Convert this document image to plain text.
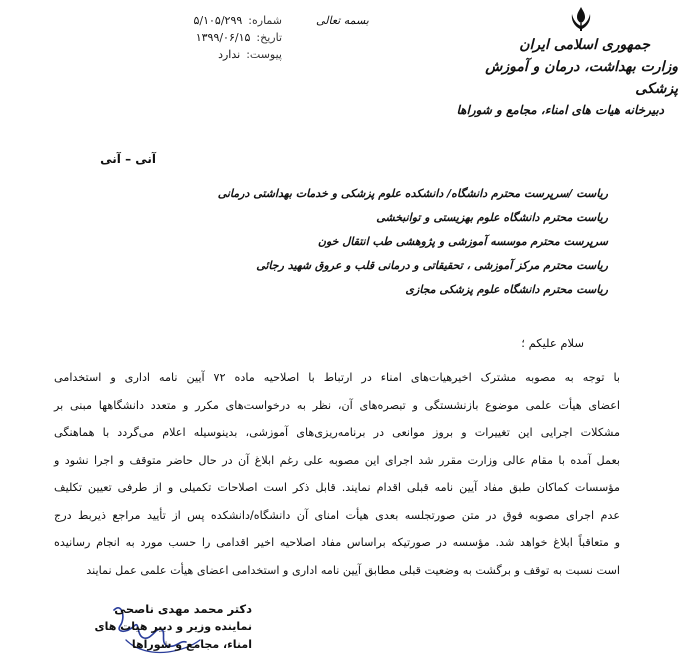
شماره:
۵/۱۰۵/۲۹۹
تاریخ:
۱۳۹۹/۰۶/۱۵
پیوست:
ندارد
بسمه تعالی
جمهوری اسلامی ایران
وزارت بهداشت، درمان و آموزش پزشکی
دبیرخانه هیات های امناء، مجامع و شوراها
آنی – آنی
ریاست /سرپرست محترم دانشگاه/ دانشکده علوم پزشکی و خدمات بهداشتی درمانی
ریاست محترم دانشگاه علوم بهزیستی و توانبخشی
سرپرست محترم موسسه آموزشی و پژوهشی طب انتقال خون
ریاست محترم مرکز آموزشی ، تحقیقاتی و درمانی قلب و عروق شهید رجائی
ریاست محترم دانشگاه علوم پزشکی مجازی
سلام علیکم ؛
با توجه به مصوبه مشترک اخیرهیات‌های امناء در ارتباط با اصلاحیه ماده ۷۲ آیین نامه اداری و استخدامی
اعضای هیأت علمی موضوع بازنشستگی و تبصره‌های آن، نظر به درخواست‌های مکرر و متعدد دانشگاهها مبنی بر
مشکلات اجرایی این تغییرات و بروز موانعی در برنامه‌ریزی‌های آموزشی، بدینوسیله اعلام می‌گردد با هماهنگی
بعمل آمده با مقام عالی وزارت مقرر شد اجرای این مصوبه علی رغم ابلاغ آن در حال حاضر متوقف و اجرا نشود و
مؤسسات کماکان طبق مفاد آیین نامه قبلی اقدام نمایند. قابل ذکر است اصلاحات تکمیلی و از طرفی تعیین تکلیف
عدم اجرای مصوبه فوق در متن صورتجلسه بعدی هیأت امنای آن دانشگاه/دانشکده پس از تأیید مراجع ذیربط درج
و متعاقباً ابلاغ خواهد شد. مؤسسه در صورتیکه براساس مفاد اصلاحیه اخیر اقدامی را حسب مورد به انجام رسانیده
است نسبت به توقف و برگشت به وضعیت قبلی مطابق آیین نامه اداری و استخدامی اعضای هیأت علمی عمل نمایند
دکتر محمد مهدی ناصحی
نماینده وزیر و دبیر هیات های
امناء، مجامع و شوراها
